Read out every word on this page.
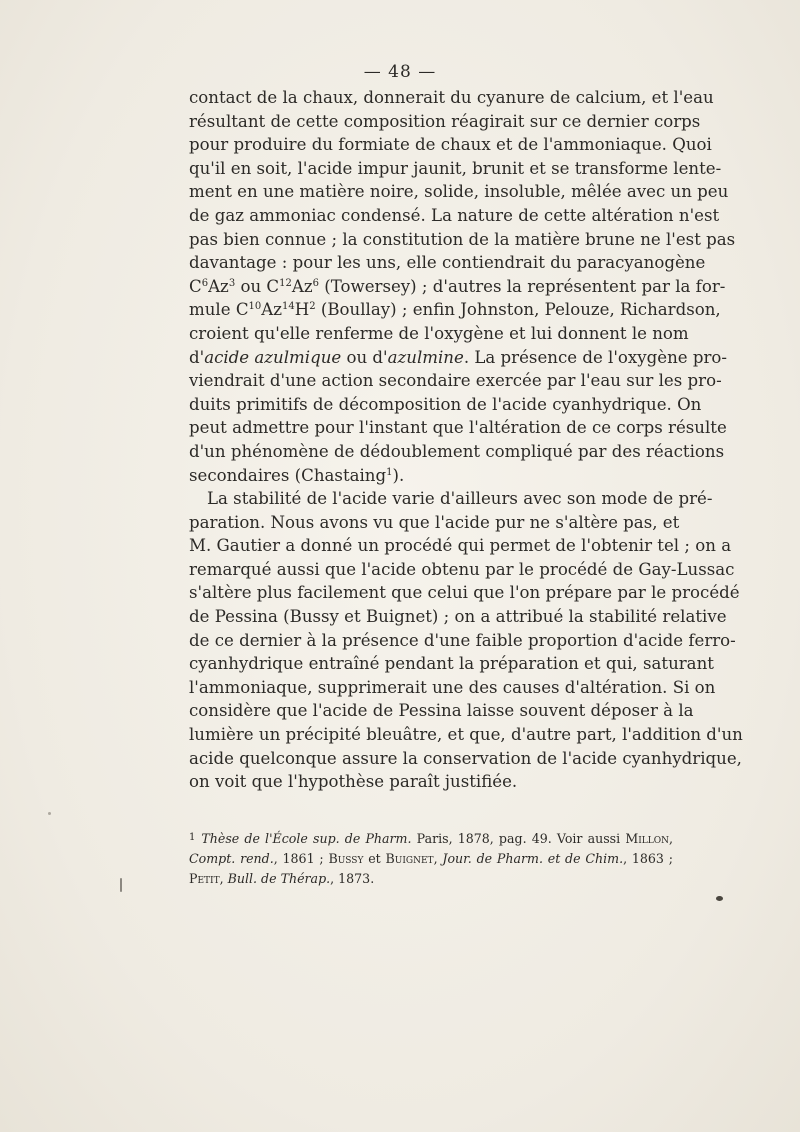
— 48 —

contact de la chaux, donnerait du cyanure de calcium, et l'eau
résultant de cette composition réagirait sur ce dernier corps
pour produire du formiate de chaux et de l'ammoniaque. Quoi
qu'il en soit, l'acide impur jaunit, brunit et se transforme lente-
ment en une matière noire, solide, insoluble, mêlée avec un peu
de gaz ammoniac condensé. La nature de cette altération n'est
pas bien connue ; la constitution de la matière brune ne l'est pas
davantage : pour les uns, elle contiendrait du paracyanogène
$C^6Az^3$ ou $C^{12}Az^6$ (Towersey) ; d'autres la représentent par la for-
mule $C^{10}Az^{14}H^2$ (Boullay) ; enfin Johnston, Pelouze, Richardson,
croient qu'elle renferme de l'oxygène et lui donnent le nom
d'acide azulmique ou d'azulmine. La présence de l'oxygène pro-
viendrait d'une action secondaire exercée par l'eau sur les pro-
duits primitifs de décomposition de l'acide cyanhydrique. On
peut admettre pour l'instant que l'altération de ce corps résulte
d'un phénomène de dédoublement compliqué par des réactions
secondaires (Chastaing$^1$).

La stabilité de l'acide varie d'ailleurs avec son mode de pré-
paration. Nous avons vu que l'acide pur ne s'altère pas, et
M. Gautier a donné un procédé qui permet de l'obtenir tel ; on a
remarqué aussi que l'acide obtenu par le procédé de Gay-Lussac
s'altère plus facilement que celui que l'on prépare par le procédé
de Pessina (Bussy et Buignet) ; on a attribué la stabilité relative
de ce dernier à la présence d'une faible proportion d'acide ferro-
cyanhydrique entraîné pendant la préparation et qui, saturant
l'ammoniaque, supprimerait une des causes d'altération. Si on
considère que l'acide de Pessina laisse souvent déposer à la
lumière un précipité bleuâtre, et que, d'autre part, l'addition d'un
acide quelconque assure la conservation de l'acide cyanhydrique,
on voit que l'hypothèse paraît justifiée.

$^1$ Thèse de l'École sup. de Pharm. Paris, 1878, pag. 49. Voir aussi Millon,
Compt. rend., 1861 ; Bussy et Buignet, Jour. de Pharm. et de Chim., 1863 ;
Petit, Bull. de Thérap., 1873.
